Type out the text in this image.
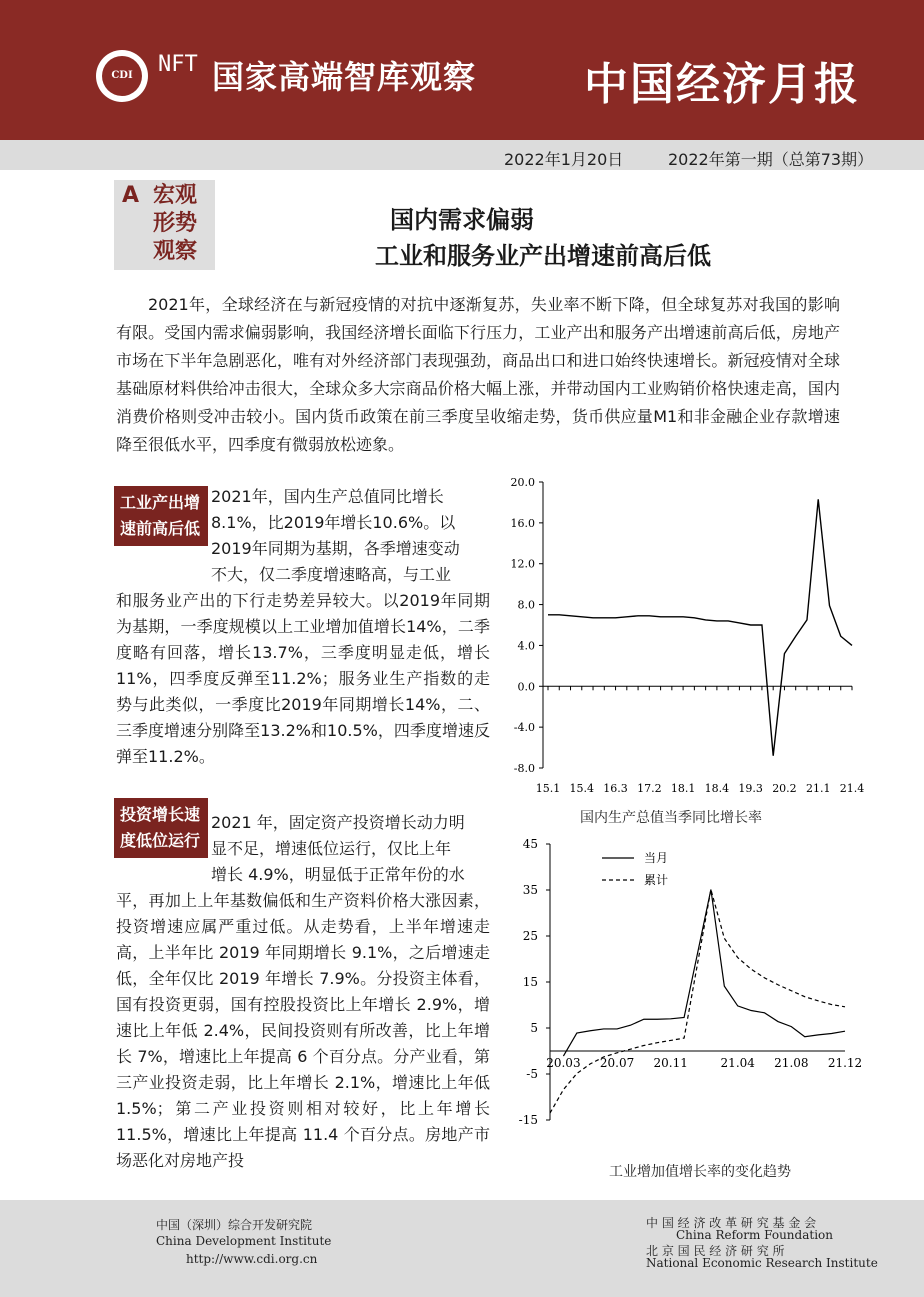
CDI	NFT 国家高端智库观察 中国经济月报
2022年1月20日	2022年第一期（总第73期）
A 宏观形势观察
国内需求偏弱
工业和服务业产出增速前高后低

2021年，全球经济在与新冠疫情的对抗中逐渐复苏，失业率不断下降，但全球复苏对我国的影响有限。受国内需求偏弱影响，我国经济增长面临下行压力，工业产出和服务产出增速前高后低，房地产市场在下半年急剧恶化，唯有对外经济部门表现强劲，商品出口和进口始终快速增长。新冠疫情对全球基础原材料供给冲击很大，全球众多大宗商品价格大幅上涨，并带动国内工业购销价格快速走高，国内消费价格则受冲击较小。国内货币政策在前三季度呈收缩走势，货币供应量M1和非金融企业存款增速降至很低水平，四季度有微弱放松迹象。

工业产出增速前高后低
2021年，国内生产总值同比增长
8.1%，比2019年增长10.6%。以
2019年同期为基期，各季增速变动
不大，仅二季度增速略高，与工业

和服务业产出的下行走势差异较大。以2019年同期为基期，一季度规模以上工业增加值增长14%，二季度略有回落，增长13.7%，三季度明显走低，增长11%，四季度反弹至11.2%；服务业生产指数的走势与此类似，一季度比2019年同期增长14%，二、三季度增速分别降至13.2%和10.5%，四季度增速反弹至11.2%。

投资增长速度低位运行
2021 年，固定资产投资增长动力明
显不足，增速低位运行，仅比上年
增长 4.9%，明显低于正常年份的水

平，再加上上年基数偏低和生产资料价格大涨因素，投资增速应属严重过低。从走势看，上半年增速走高，上半年比 2019 年同期增长 9.1%，之后增速走低，全年仅比 2019 年增长 7.9%。分投资主体看，国有投资更弱，国有控股投资比上年增长 2.9%，增速比上年低 2.4%，民间投资则有所改善，比上年增长 7%，增速比上年提高 6 个百分点。分产业看，第三产业投资走弱，比上年增长 2.1%，增速比上年低 1.5%；第二产业投资则相对较好，比上年增长 11.5%，增速比上年提高 11.4 个百分点。房地产市场恶化对房地产投

20.0
16.0
12.0
8.0
4.0
0.0
-4.0
-8.0
15.1 15.4 16.3 17.2 18.1 18.4 19.3 20.2 21.1 21.4
国内生产总值当季同比增长率
45
35
25
15
5
-5
-15
20.03 20.07 20.11	21.04 21.08 21.12
当月
累计
工业增加值增长率的变化趋势
中国（深圳）综合开发研究院
China Development Institute
http://www.cdi.org.cn
中 国 经 济 改 革 研 究 基 金 会
China Reform Foundation
北 京 国 民 经 济 研 究 所
National Economic Research Institute
